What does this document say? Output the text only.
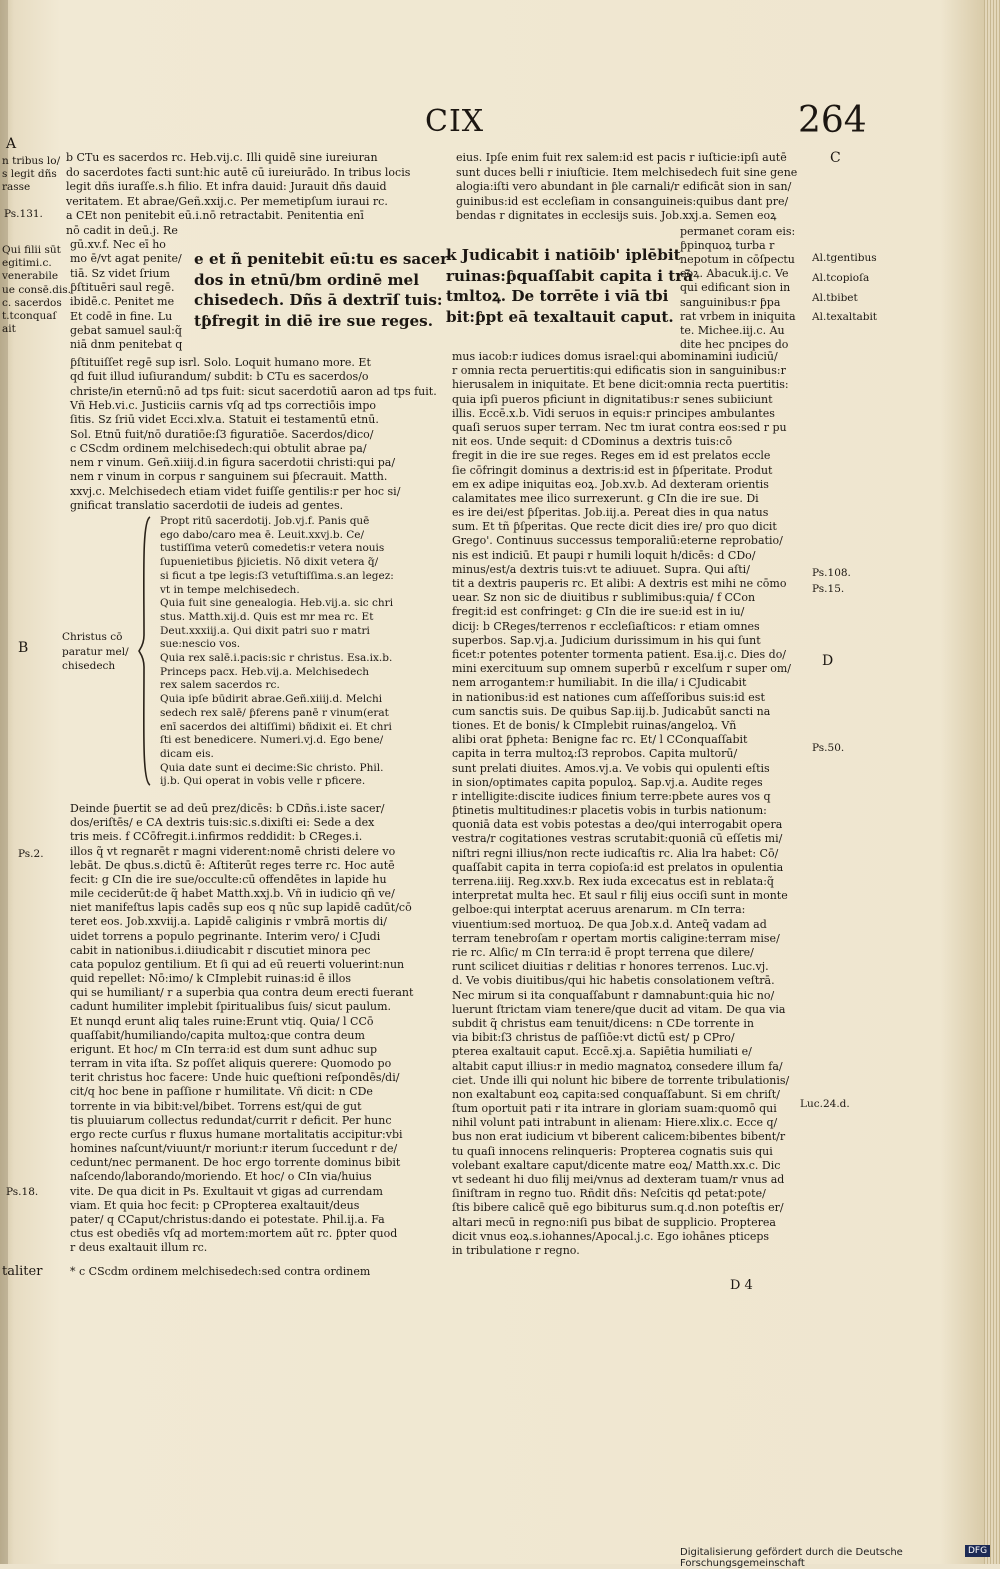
CIX	264
A
n tribus lo/
s legit dñs
rasse
Ps.131.
Qui filii sūt
egitimi.c.
venerabile
ue consē.dis.
c. sacerdos
t.tconquaſ
ait
B
Ps.2.
Ps.18.
taliter
C
Al.tgentibus
Al.tcopioſa
Al.tbibet
Al.texaltabit
Ps.108.
Ps.15.
D
Ps.50.
Luc.24.d.
b CTu es sacerdos rc. Heb.vij.c. Illi quidē sine iureiuran
do sacerdotes facti sunt:hic autē cū iureiurādo. In tribus locis
legit dñs iuraſſe.s.h filio. Et infra dauid: Jurauit dñs dauid
veritatem. Et abrae/Geñ.xxij.c. Per memetipſum iuraui rc.
a CEt non penitebit eū.i.nō retractabit. Penitentia enī
nō cadit in deū.j. Re
gū.xv.f. Nec eī ho
mo ē/vt agat penite/
tiā. Sz videt ſrium
ƥſtituēri saul regē.
ibidē.c. Penitet me
Et codē in fine. Lu
gebat samuel saul:q̃
niā dnm penitebat q
e et ñ penitebit eū:tu es sacer
dos in etnū/bm ordinē mel
chisedech. Dñs ā dextrīſ tuis:
tƥfregit in diē ire sue reges.
ƥſtituiſſet regē sup isrl. Solo. Loquit humano more. Et
qd fuit illud iuſiurandum/ subdit: b CTu es sacerdos/o
christe/in eternū:nō ad tps fuit: sicut sacerdotiū aaron ad tps fuit.
Vñ Heb.vi.c. Justiciis carnis vſq ad tps correctiōis impo
ſitis. Sz ſriū videt Ecci.xlv.a. Statuit ei testamentū etnū.
Sol. Etnū fuit/nō duratiōe:ſ3 figuratiōe. Sacerdos/dico/
c CScdm ordinem melchisedech:qui obtulit abrae pa/
nem r vinum. Geñ.xiiij.d.in figura sacerdotii christi:qui pa/
nem r vinum in corpus r sanguinem sui ƥſecrauit. Matth.
xxvj.c. Melchisedech etiam videt fuiſſe gentilis:r per hoc si/
gnificat translatio sacerdotii de iudeis ad gentes.
Propt ritū sacerdotij. Job.vj.f. Panis quē
ego dabo/caro mea ē. Leuit.xxvj.b. Ce/
tustiſſima veterū comedetis:r vetera nouis
ſupuenietibus ƥjicietis. Nō dixit vetera q̃/
si ficut a tpe legis:ſ3 vetuſtiſſima.s.an legez:
vt in tempe melchisedech.
Quia fuit sine genealogia. Heb.vij.a. sic chri
stus. Matth.xij.d. Quis est mr mea rc. Et
Deut.xxxiij.a. Qui dixit patri suo r matri
sue:nescio vos.
Quia rex salē.i.pacis:sic r christus. Esa.ix.b.
Princeps pacx. Heb.vij.a. Melchisedech
rex salem sacerdos rc.
Quia ipſe būdirit abrae.Geñ.xiiij.d. Melchi
sedech rex salē/ ƥferens panē r vinum(erat
enī sacerdos dei altiſſimi) bñdixit ei. Et chri
ſti est benedicere. Numeri.vj.d. Ego bene/
dicam eis.
Quia date sunt ei decime:Sic christo. Phil.
ij.b. Qui operat in vobis velle r pficere.
Christus cō
paratur mel/
chisedech
Deinde ƥuertit se ad deū prez/dicēs: b CDñs.i.iste sacer/
dos/eriſtēs/ e CA dextris tuis:sic.s.dixiſti ei: Sede a dex
tris meis. f CCōfregit.i.infirmos reddidit: b CReges.i.
illos q̃ vt regnarēt r magni viderent:nomē christi delere vo
lebāt. De qbus.s.dictū ē: Aſtiterūt reges terre rc. Hoc autē
fecit: g CIn die ire sue/occulte:cū offendētes in lapide hu
mile ceciderūt:de q̃ habet Matth.xxj.b. Vñ in iudicio qñ ve/
niet manifeſtus lapis cadēs sup eos q nūc sup lapidē cadūt/cō
teret eos. Job.xxviij.a. Lapidē caliginis r vmbrā mortis di/
uidet torrens a populo pegrinante. Interim vero/ i CJudi
cabit in nationibus.i.diiudicabit r discutiet minora pec
cata populoz gentilium. Et ſi qui ad eū reuerti voluerint:nun
quid repellet: Nō:imo/ k CImplebit ruinas:id ē illos
qui se humiliant/ r a superbia qua contra deum erecti fuerant
cadunt humiliter implebit ſpiritualibus ſuis/ sicut paulum.
Et nunqd erunt aliq tales ruine:Erunt vtiq. Quia/ l CCō
quaſſabit/humiliando/capita multoꝝ:que contra deum
erigunt. Et hoc/ m CIn terra:id est dum sunt adhuc sup
terram in vita iſta. Sz poſſet aliquis querere: Quomodo po
terit christus hoc facere: Unde huic queſtioni reſpondēs/di/
cit/q hoc bene in paſſione r humilitate. Vñ dicit: n CDe
torrente in via bibit:vel/bibet. Torrens est/qui de gut
tis pluuiarum collectus redundat/currit r deficit. Per hunc
ergo recte curſus r fluxus humane mortalitatis accipitur:vbi
homines naſcunt/viuunt/r moriunt:r iterum ſuccedunt r de/
cedunt/nec permanent. De hoc ergo torrente dominus bibit
naſcendo/laborando/moriendo. Et hoc/ o CIn via/huius
vite. De qua dicit in Ps. Exultauit vt gigas ad currendam
viam. Et quia hoc fecit: p CPropterea exaltauit/deus
pater/ q CCaput/christus:dando ei potestate. Phil.ij.a. Fa
ctus est obediēs vſq ad mortem:mortem aūt rc. ƥpter quod
r deus exaltauit illum rc.
* c CScdm ordinem melchisedech:sed contra ordinem
eius. Ipſe enim fuit rex salem:id est pacis r iuſticie:ipſi autē
sunt duces belli r iniuſticie. Item melchisedech fuit sine gene
alogia:iſti vero abundant in ƥle carnali/r edificāt sion in san/
guinibus:id est eccleſiam in consanguineis:quibus dant pre/
bendas r dignitates in ecclesijs suis. Job.xxj.a. Semen eoꝝ
permanet coram eis:
ƥpinquoꝝ turba r
nepotum in cōſpectu
eoꝝ. Abacuk.ij.c. Ve
qui edificant sion in
sanguinibus:r ƥpa
rat vrbem in iniquita
te. Michee.iij.c. Au
dite hec pncipes do
k Judicabit i natiōib' iplēbit
ruinas:ƥquaſſabit capita i trā
tmltoꝝ. De torrēte i viā tbi
bit:ƥpt eā texaltauit caput.
mus iacob:r iudices domus israel:qui abominamini iudiciū/
r omnia recta peruertitis:qui edificatis sion in sanguinibus:r
hierusalem in iniquitate. Et bene dicit:omnia recta puertitis:
quia ipſi pueros pficiunt in dignitatibus:r senes subiiciunt
illis. Eccē.x.b. Vidi seruos in equis:r principes ambulantes
quaſi seruos super terram. Nec tm iurat contra eos:sed r pu
nit eos. Unde sequit: d CDominus a dextris tuis:cō
fregit in die ire sue reges. Reges em id est prelatos eccle
ſie cōfringit dominus a dextris:id est in ƥſperitate. Produt
em ex adipe iniquitas eoꝝ. Job.xv.b. Ad dexteram orientis
calamitates mee ilico surrexerunt. g CIn die ire sue. Di
es ire dei/est ƥſperitas. Job.iij.a. Pereat dies in qua natus
sum. Et tñ ƥſperitas. Que recte dicit dies ire/ pro quo dicit
Grego'. Continuus successus temporaliū:eterne reprobatio/
nis est indiciū. Et paupi r humili loquit h/dicēs: d CDo/
minus/est/a dextris tuis:vt te adiuuet. Supra. Qui aſti/
tit a dextris pauperis rc. Et alibi: A dextris est mihi ne cōmo
uear. Sz non sic de diuitibus r sublimibus:quia/ f CCon
fregit:id est confringet: g CIn die ire sue:id est in iu/
dicij: b CReges/terrenos r eccleſiaſticos: r etiam omnes
superbos. Sap.vj.a. Judicium durissimum in his qui ſunt
ficet:r potentes potenter tormenta patient. Esa.ij.c. Dies do/
mini exercituum sup omnem superbū r excelſum r super om/
nem arrogantem:r humiliabit. In die illa/ i CJudicabit
in nationibus:id est nationes cum aſſeſſoribus suis:id est
cum sanctis suis. De quibus Sap.iij.b. Judicabūt sancti na
tiones. Et de bonis/ k CImplebit ruinas/angeloꝝ. Vñ
alibi orat ƥpheta: Benigne fac rc. Et/ l CConquaſſabit
capita in terra multoꝝ:ſ3 reprobos. Capita multorū/
sunt prelati diuites. Amos.vj.a. Ve vobis qui opulenti eſtis
in sion/optimates capita populoꝝ. Sap.vj.a. Audite reges
r intelligite:discite iudices finium terre:pbete aures vos q
ƥtinetis multitudines:r placetis vobis in turbis nationum:
quoniā data est vobis potestas a deo/qui interrogabit opera
vestra/r cogitationes vestras scrutabit:quoniā cū eſſetis mi/
niſtri regni illius/non recte iudicaſtis rc. Alia lra habet: Cō/
quaſſabit capita in terra copioſa:id est prelatos in opulentia
terrena.iiij. Reg.xxv.b. Rex iuda excecatus est in reblata:q̃
interpretat multa hec. Et saul r filij eius occiſi sunt in monte
gelboe:qui interptat aceruus arenarum. m CIn terra:
viuentium:sed mortuoꝝ. De qua Job.x.d. Anteq̃ vadam ad
terram tenebroſam r opertam mortis caligine:terram mise/
rie rc. Alſic/ m CIn terra:id ē propt terrena que dilere/
runt scilicet diuitias r delitias r honores terrenos. Luc.vj.
d. Ve vobis diuitibus/qui hic habetis consolationem veſtrā.
Nec mirum si ita conquaſſabunt r damnabunt:quia hic no/
luerunt ſtrictam viam tenere/que ducit ad vitam. De qua via
subdit q̃ christus eam tenuit/dicens: n CDe torrente in
via bibit:ſ3 christus de paſſiōe:vt dictū est/ p CPro/
pterea exaltauit caput. Eccē.xj.a. Sapiētia humiliati e/
altabit caput illius:r in medio magnatoꝝ consedere illum fa/
ciet. Unde illi qui nolunt hic bibere de torrente tribulationis/
non exaltabunt eoꝝ capita:sed conquaſſabunt. Si em chriſt/
ſtum oportuit pati r ita intrare in gloriam suam:quomō qui
nihil volunt pati intrabunt in alienam: Hiere.xlix.c. Ecce q/
bus non erat iudicium vt biberent calicem:bibentes bibent/r
tu quaſi innocens relinqueris: Propterea cognatis suis qui
volebant exaltare caput/dicente matre eoꝝ/ Matth.xx.c. Dic
vt sedeant hi duo filij mei/vnus ad dexteram tuam/r vnus ad
ſiniſtram in regno tuo. Rñdit dñs: Neſcitis qd petat:pote/
ſtis bibere calicē quē ego bibiturus sum.q.d.non poteſtis er/
altari mecū in regno:niſi pus bibat de supplicio. Propterea
dicit vnus eoꝝ.s.iohannes/Apocal.j.c. Ego iohānes pticeps
in tribulatione r regno.
D 4
Digitalisierung gefördert durch die Deutsche Forschungsgemeinschaft
DFG
